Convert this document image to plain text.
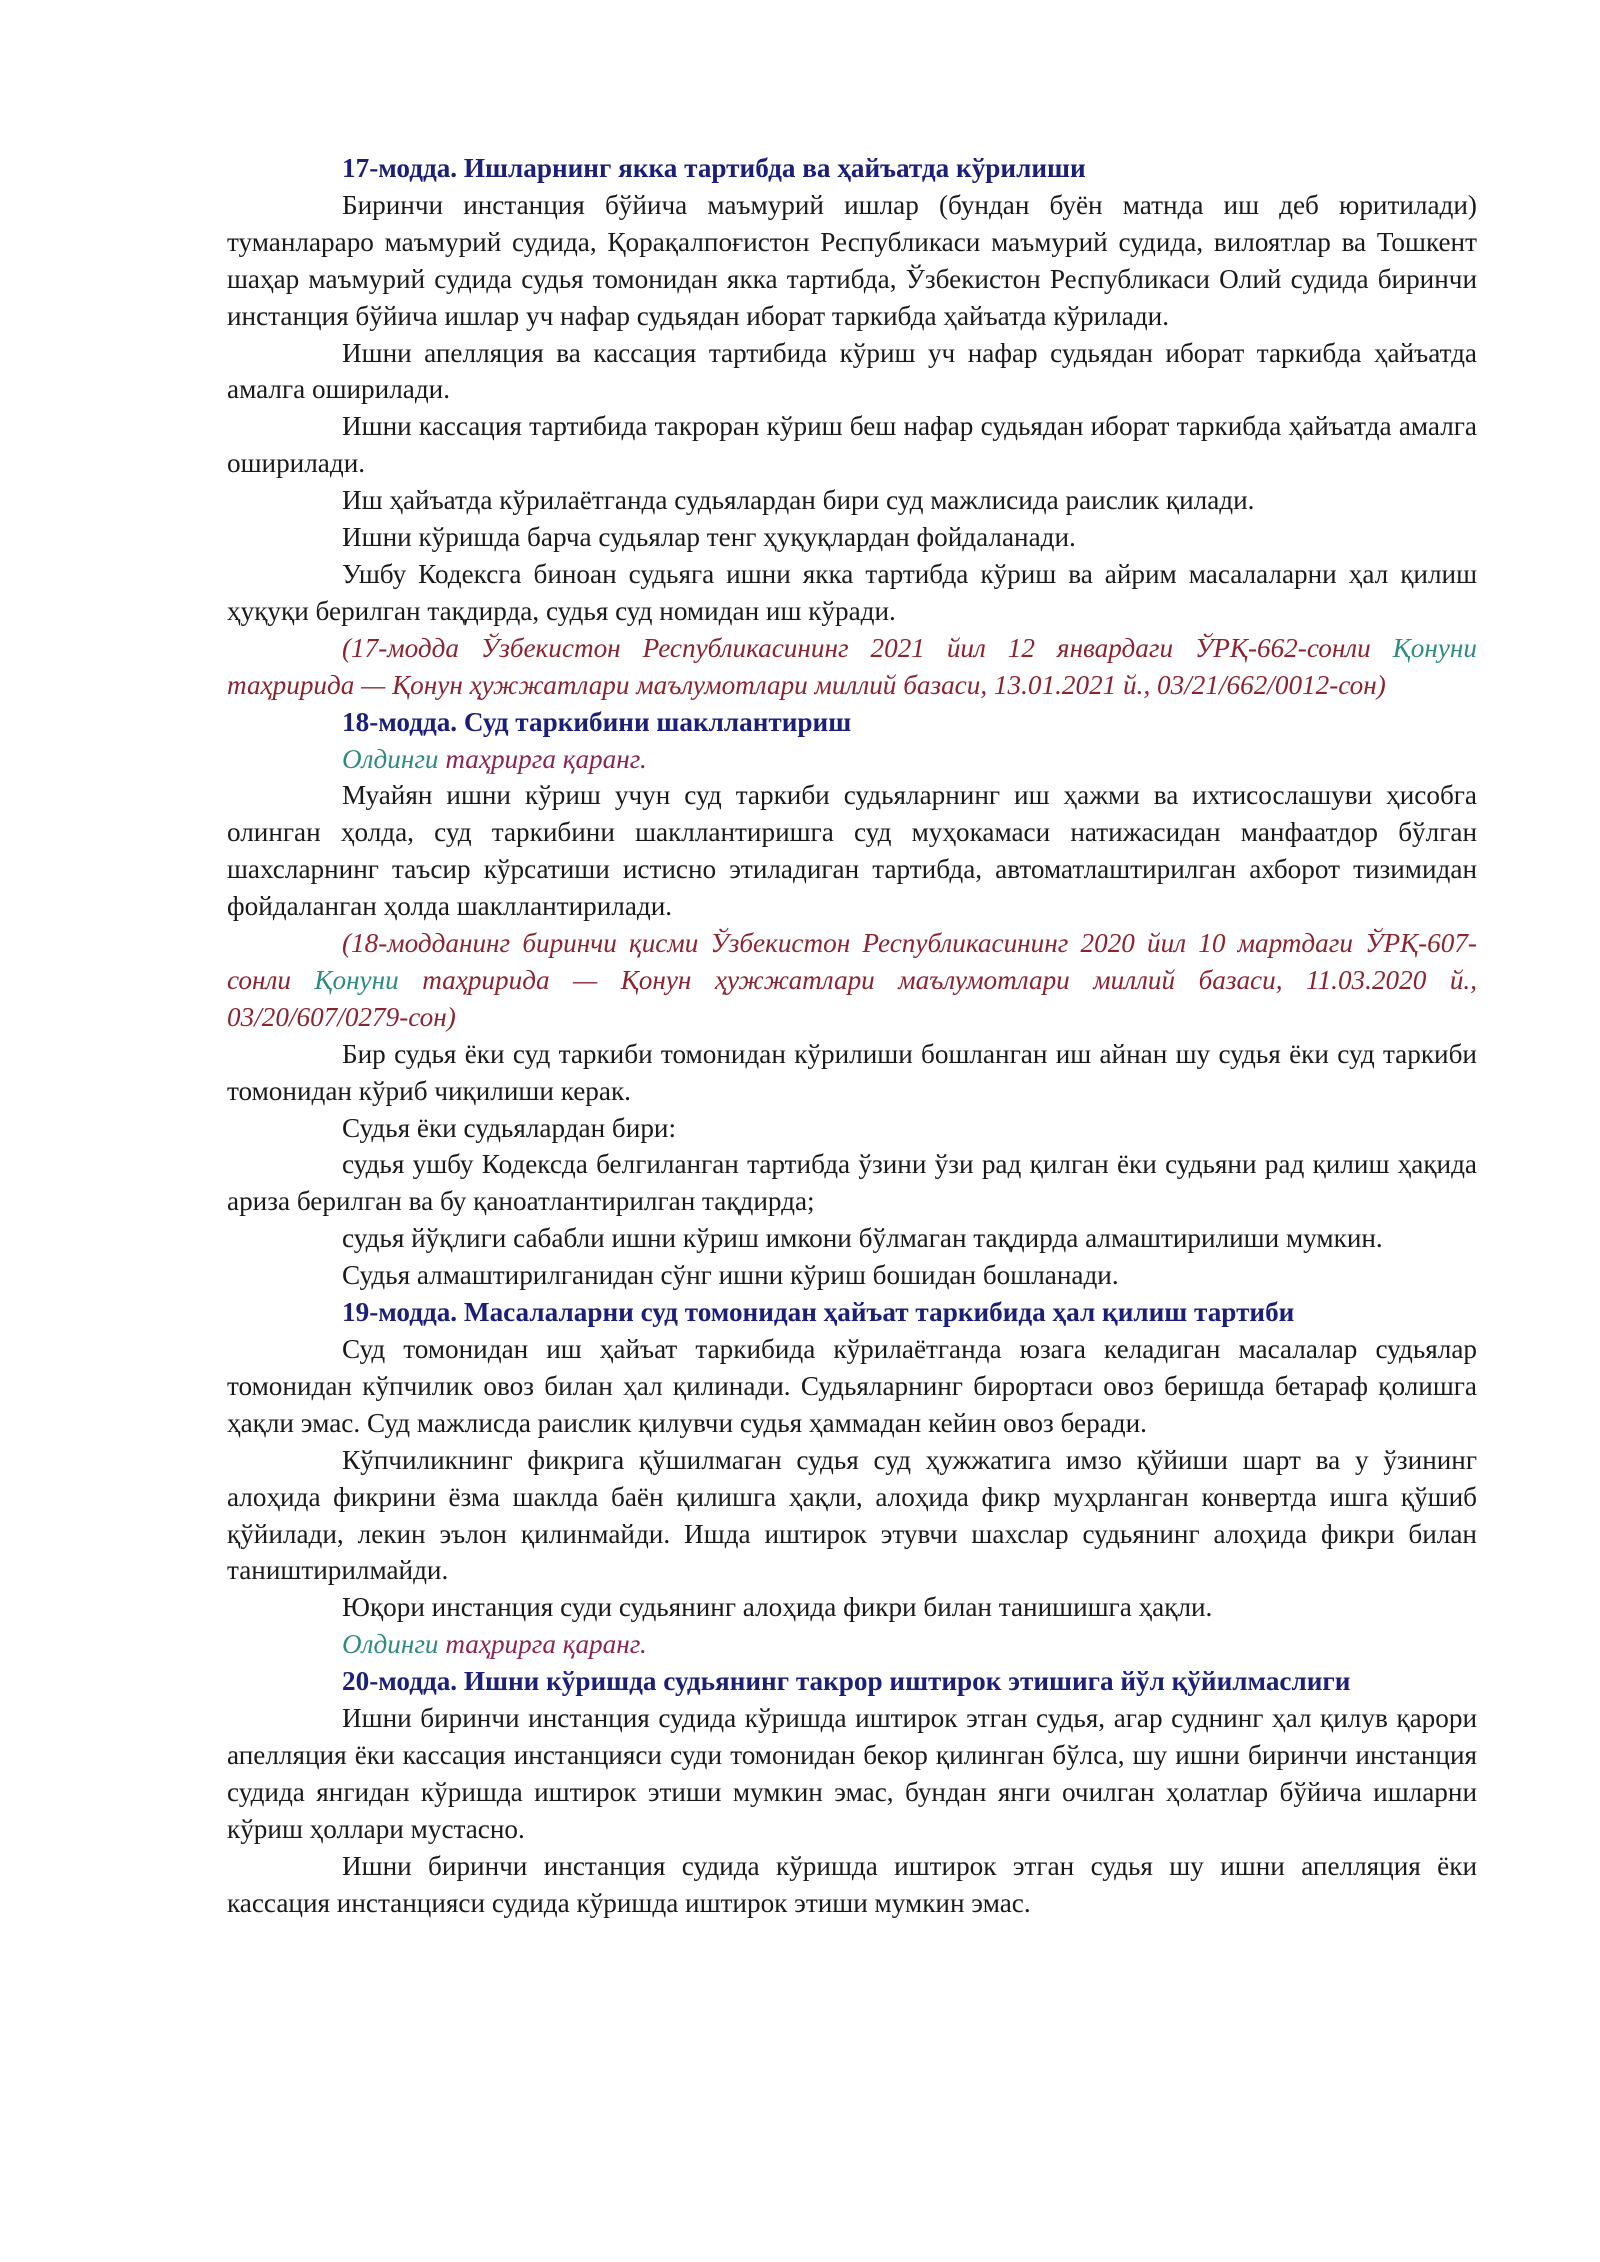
17-модда. Ишларнинг якка тартибда ва ҳайъатда кўрилиши

Биринчи инстанция бўйича маъмурий ишлар (бундан буён матнда иш деб юритилади) туманлараро маъмурий судида, Қорақалпоғистон Республикаси маъмурий судида, вилоятлар ва Тошкент шаҳар маъмурий судида судья томонидан якка тартибда, Ўзбекистон Республикаси Олий судида биринчи инстанция бўйича ишлар уч нафар судьядан иборат таркибда ҳайъатда кўрилади.

Ишни апелляция ва кассация тартибида кўриш уч нафар судьядан иборат таркибда ҳайъатда амалга оширилади.

Ишни кассация тартибида такроран кўриш беш нафар судьядан иборат таркибда ҳайъатда амалга оширилади.

Иш ҳайъатда кўрилаётганда судьялардан бири суд мажлисида раислик қилади.

Ишни кўришда барча судьялар тенг ҳуқуқлардан фойдаланади.

Ушбу Кодексга биноан судьяга ишни якка тартибда кўриш ва айрим масалаларни ҳал қилиш ҳуқуқи берилган тақдирда, судья суд номидан иш кўради.

(17-модда Ўзбекистон Республикасининг 2021 йил 12 январдаги ЎРҚ-662-сонли Қонуни таҳририда — Қонун ҳужжатлари маълумотлари миллий базаси, 13.01.2021 й., 03/21/662/0012-сон)

18-модда. Суд таркибини шакллантириш

Олдинги таҳрирга қаранг.

Муайян ишни кўриш учун суд таркиби судьяларнинг иш ҳажми ва ихтисослашуви ҳисобга олинган ҳолда, суд таркибини шакллантиришга суд муҳокамаси натижасидан манфаатдор бўлган шахсларнинг таъсир кўрсатиши истисно этиладиган тартибда, автоматлаштирилган ахборот тизимидан фойдаланган ҳолда шакллантирилади.

(18-модданинг биринчи қисми Ўзбекистон Республикасининг 2020 йил 10 мартдаги ЎРҚ-607-сонли Қонуни таҳририда — Қонун ҳужжатлари маълумотлари миллий базаси, 11.03.2020 й., 03/20/607/0279-сон)

Бир судья ёки суд таркиби томонидан кўрилиши бошланган иш айнан шу судья ёки суд таркиби томонидан кўриб чиқилиши керак.

Судья ёки судьялардан бири:

судья ушбу Кодексда белгиланган тартибда ўзини ўзи рад қилган ёки судьяни рад қилиш ҳақида ариза берилган ва бу қаноатлантирилган тақдирда;

судья йўқлиги сабабли ишни кўриш имкони бўлмаган тақдирда алмаштирилиши мумкин.

Судья алмаштирилганидан сўнг ишни кўриш бошидан бошланади.

19-модда. Масалаларни суд томонидан ҳайъат таркибида ҳал қилиш тартиби

Суд томонидан иш ҳайъат таркибида кўрилаётганда юзага келадиган масалалар судьялар томонидан кўпчилик овоз билан ҳал қилинади. Судьяларнинг бирортаси овоз беришда бетараф қолишга ҳақли эмас. Суд мажлисда раислик қилувчи судья ҳаммадан кейин овоз беради.

Кўпчиликнинг фикрига қўшилмаган судья суд ҳужжатига имзо қўйиши шарт ва у ўзининг алоҳида фикрини ёзма шаклда баён қилишга ҳақли, алоҳида фикр муҳрланган конвертда ишга қўшиб қўйилади, лекин эълон қилинмайди. Ишда иштирок этувчи шахслар судьянинг алоҳида фикри билан таништирилмайди.

Юқори инстанция суди судьянинг алоҳида фикри билан танишишга ҳақли.

Олдинги таҳрирга қаранг.

20-модда. Ишни кўришда судьянинг такрор иштирок этишига йўл қўйилмаслиги

Ишни биринчи инстанция судида кўришда иштирок этган судья, агар суднинг ҳал қилув қарори апелляция ёки кассация инстанцияси суди томонидан бекор қилинган бўлса, шу ишни биринчи инстанция судида янгидан кўришда иштирок этиши мумкин эмас, бундан янги очилган ҳолатлар бўйича ишларни кўриш ҳоллари мустасно.

Ишни биринчи инстанция судида кўришда иштирок этган судья шу ишни апелляция ёки кассация инстанцияси судида кўришда иштирок этиши мумкин эмас.
